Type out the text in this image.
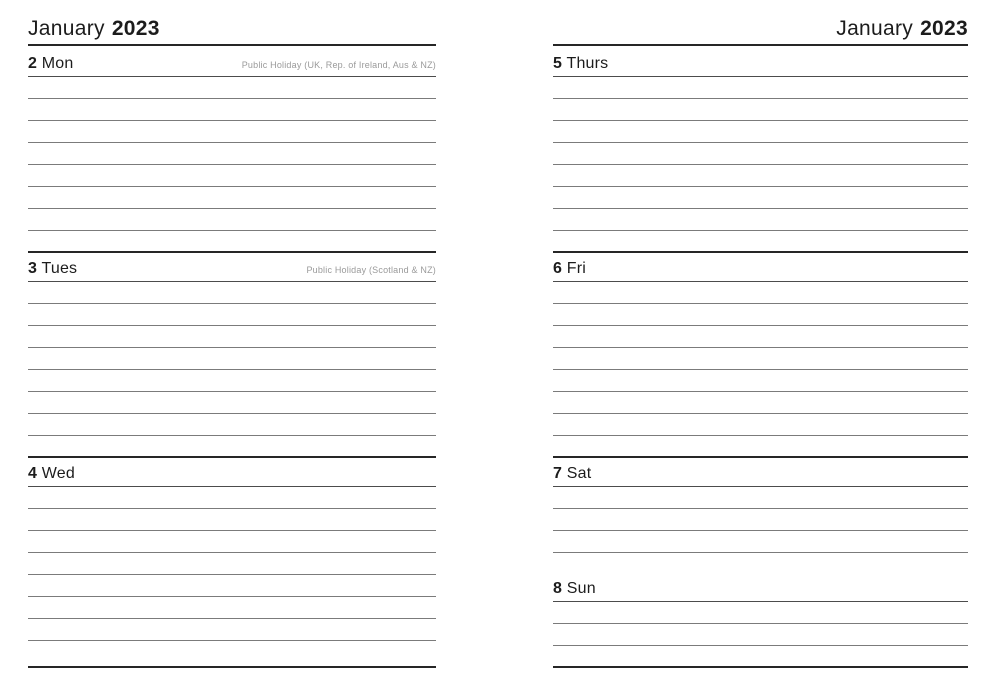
January 2023
2 Mon	Public Holiday (UK, Rep. of Ireland, Aus & NZ)
3 Tues	Public Holiday (Scotland & NZ)
4 Wed
January 2023
5 Thurs
6 Fri
7 Sat
8 Sun
